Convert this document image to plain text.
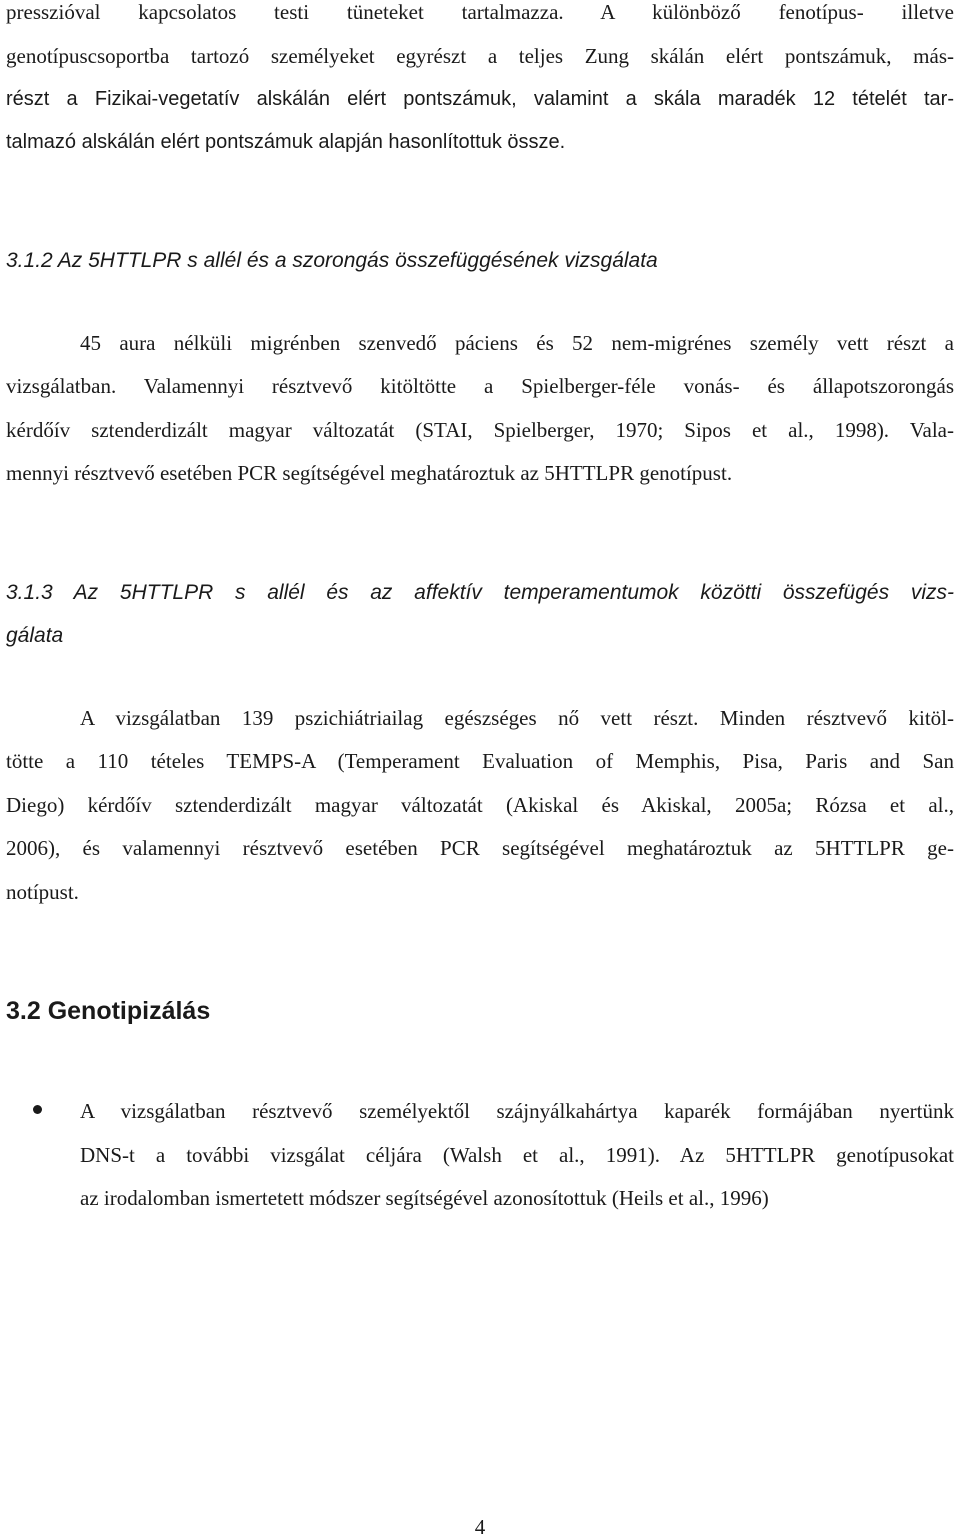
presszióval kapcsolatos testi tüneteket tartalmazza. A különböző fenotípus- illetve
genotípuscsoportba tartozó személyeket egyrészt a teljes Zung skálán elért pontszámuk, más-
részt a Fizikai-vegetatív alskálán elért pontszámuk, valamint a skála maradék 12 tételét tar-
talmazó alskálán elért pontszámuk alapján hasonlítottuk össze.
3.1.2 Az 5HTTLPR s allél és a szorongás összefüggésének vizsgálata
45 aura nélküli migrénben szenvedő páciens és 52 nem-migrénes személy vett részt a
vizsgálatban. Valamennyi résztvevő kitöltötte a Spielberger-féle vonás- és állapotszorongás
kérdőív sztenderdizált magyar változatát (STAI, Spielberger, 1970; Sipos et al., 1998). Vala-
mennyi résztvevő esetében PCR segítségével meghatároztuk az 5HTTLPR genotípust.
3.1.3 Az 5HTTLPR s allél és az affektív temperamentumok közötti összefügés vizs-
gálata
A vizsgálatban 139 pszichiátriailag egészséges nő vett részt. Minden résztvevő kitöl-
tötte a 110 tételes TEMPS-A (Temperament Evaluation of Memphis, Pisa, Paris and San
Diego) kérdőív sztenderdizált magyar változatát (Akiskal és Akiskal, 2005a; Rózsa et al.,
2006), és valamennyi résztvevő esetében PCR segítségével meghatároztuk az 5HTTLPR ge-
notípust.
3.2 Genotipizálás
A vizsgálatban résztvevő személyektől szájnyálkahártya kaparék formájában nyertünk
DNS-t a további vizsgálat céljára (Walsh et al., 1991). Az 5HTTLPR genotípusokat
az irodalomban ismertetett módszer segítségével azonosítottuk (Heils et al., 1996)
4
